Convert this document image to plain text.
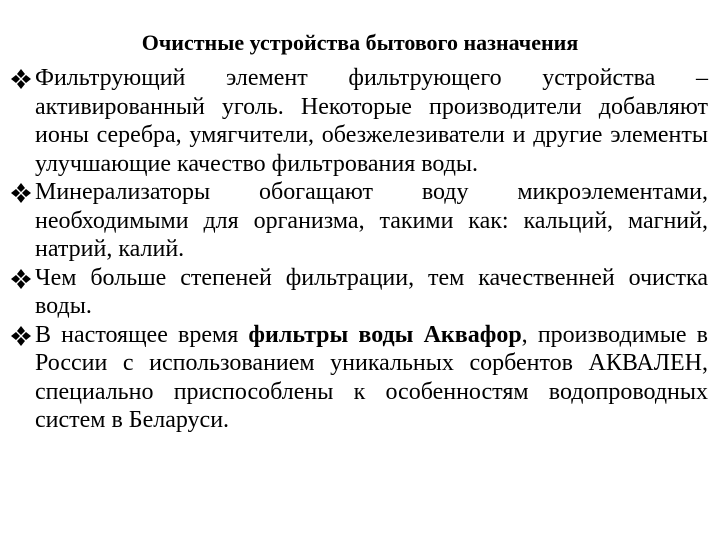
Очистные устройства бытового назначения
Фильтрующий элемент фильтрующего устройства – активированный уголь. Некоторые производители добавляют ионы серебра, умягчители, обезжелезиватели и другие элементы улучшающие качество фильтрования воды.
Минерализаторы обогащают воду микроэлементами, необходимыми для организма, такими как: кальций, магний, натрий, калий.
Чем больше степеней фильтрации, тем качественней очистка воды.
В настоящее время фильтры воды Аквафор, производимые в России с использованием уникальных сорбентов АКВАЛЕН, специально приспособлены к особенностям водопроводных систем в Беларуси.
